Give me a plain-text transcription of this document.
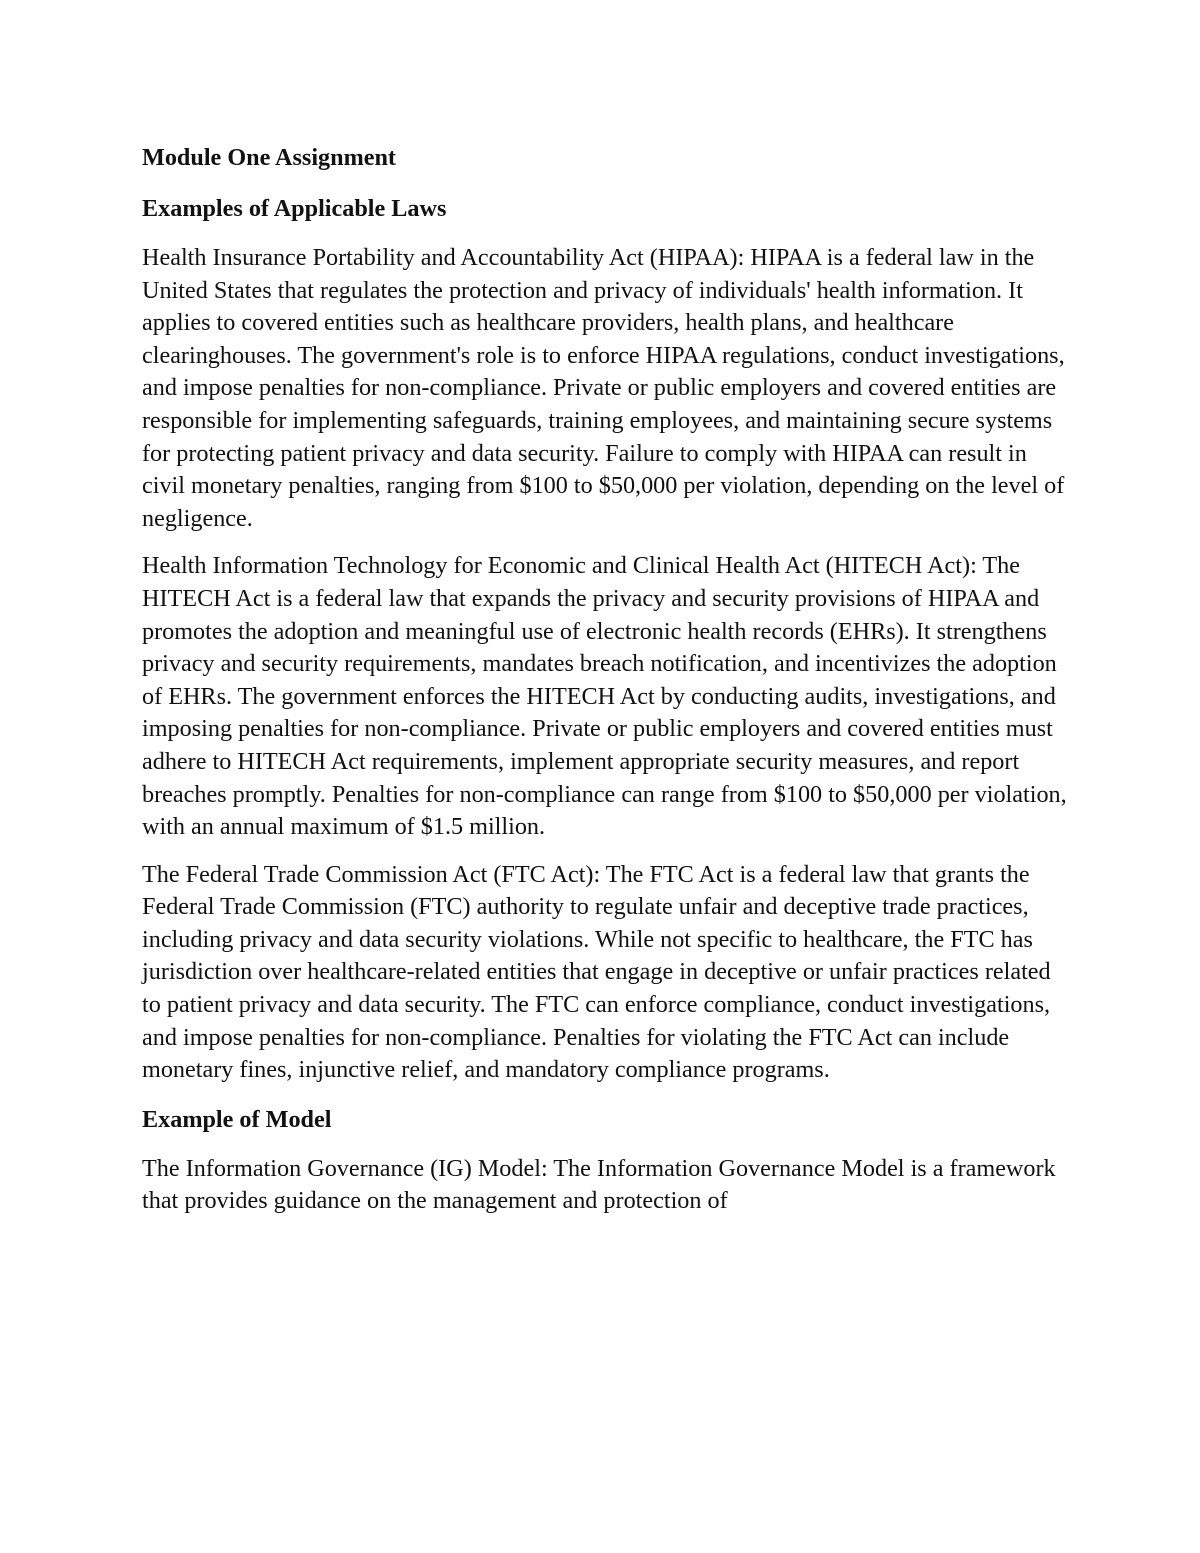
Module One Assignment
Examples of Applicable Laws
Health Insurance Portability and Accountability Act (HIPAA): HIPAA is a federal law in the United States that regulates the protection and privacy of individuals' health information. It applies to covered entities such as healthcare providers, health plans, and healthcare clearinghouses. The government's role is to enforce HIPAA regulations, conduct investigations, and impose penalties for non-compliance. Private or public employers and covered entities are responsible for implementing safeguards, training employees, and maintaining secure systems for protecting patient privacy and data security. Failure to comply with HIPAA can result in civil monetary penalties, ranging from $100 to $50,000 per violation, depending on the level of negligence.
Health Information Technology for Economic and Clinical Health Act (HITECH Act): The HITECH Act is a federal law that expands the privacy and security provisions of HIPAA and promotes the adoption and meaningful use of electronic health records (EHRs). It strengthens privacy and security requirements, mandates breach notification, and incentivizes the adoption of EHRs. The government enforces the HITECH Act by conducting audits, investigations, and imposing penalties for non-compliance. Private or public employers and covered entities must adhere to HITECH Act requirements, implement appropriate security measures, and report breaches promptly. Penalties for non-compliance can range from $100 to $50,000 per violation, with an annual maximum of $1.5 million.
The Federal Trade Commission Act (FTC Act): The FTC Act is a federal law that grants the Federal Trade Commission (FTC) authority to regulate unfair and deceptive trade practices, including privacy and data security violations. While not specific to healthcare, the FTC has jurisdiction over healthcare-related entities that engage in deceptive or unfair practices related to patient privacy and data security. The FTC can enforce compliance, conduct investigations, and impose penalties for non-compliance. Penalties for violating the FTC Act can include monetary fines, injunctive relief, and mandatory compliance programs.
Example of Model
The Information Governance (IG) Model: The Information Governance Model is a framework that provides guidance on the management and protection of
